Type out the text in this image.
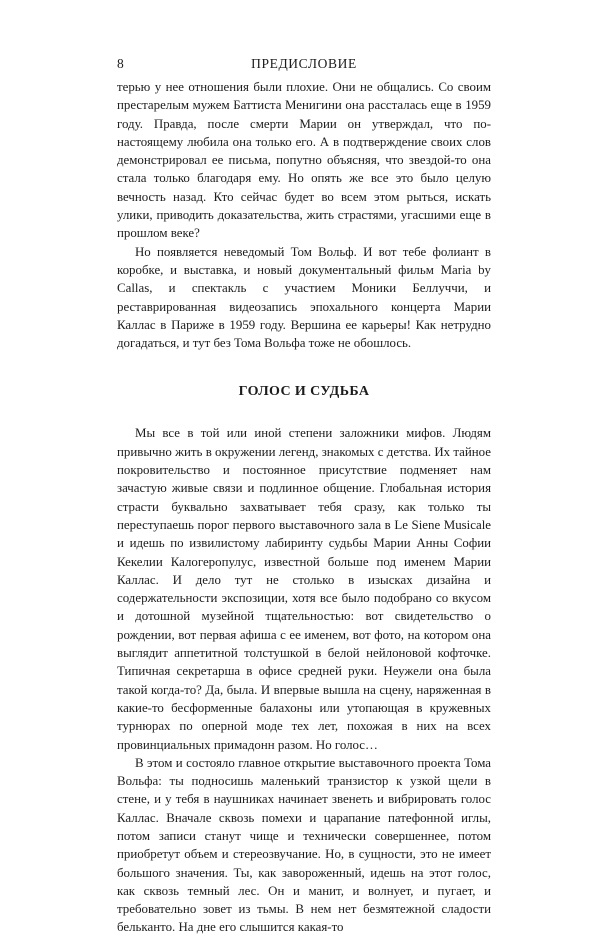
8	ПРЕДИСЛОВИЕ

терью у нее отношения были плохие. Они не общались. Со своим престарелым мужем Баттиста Менигини она рассталась еще в 1959 году. Правда, после смерти Марии он утверждал, что по-настоящему любила она только его. А в подтверждение своих слов демонстрировал ее письма, попутно объясняя, что звездой-то она стала только благодаря ему. Но опять же все это было целую вечность назад. Кто сейчас будет во всем этом рыться, искать улики, приводить доказательства, жить страстями, угасшими еще в прошлом веке?

Но появляется неведомый Том Вольф. И вот тебе фолиант в коробке, и выставка, и новый документальный фильм Maria by Callas, и спектакль с участием Моники Беллуччи, и реставрированная видеозапись эпохального концерта Марии Каллас в Париже в 1959 году. Вершина ее карьеры! Как нетрудно догадаться, и тут без Тома Вольфа тоже не обошлось.

ГОЛОС И СУДЬБА

Мы все в той или иной степени заложники мифов. Людям привычно жить в окружении легенд, знакомых с детства. Их тайное покровительство и постоянное присутствие подменяет нам зачастую живые связи и подлинное общение. Глобальная история страсти буквально захватывает тебя сразу, как только ты переступаешь порог первого выставочного зала в Le Siene Musicale и идешь по извилистому лабиринту судьбы Марии Анны Софии Кекелии Калогеропулус, известной больше под именем Марии Каллас. И дело тут не столько в изысках дизайна и содержательности экспозиции, хотя все было подобрано со вкусом и дотошной музейной тщательностью: вот свидетельство о рождении, вот первая афиша с ее именем, вот фото, на котором она выглядит аппетитной толстушкой в белой нейлоновой кофточке. Типичная секретарша в офисе средней руки. Неужели она была такой когда-то? Да, была. И впервые вышла на сцену, наряженная в какие-то бесформенные балахоны или утопающая в кружевных турнюрах по оперной моде тех лет, похожая в них на всех провинциальных примадонн разом. Но голос…

В этом и состояло главное открытие выставочного проекта Тома Вольфа: ты подносишь маленький транзистор к узкой щели в стене, и у тебя в наушниках начинает звенеть и вибрировать голос Каллас. Вначале сквозь помехи и царапание патефонной иглы, потом записи станут чище и технически совершеннее, потом приобретут объем и стереозвучание. Но, в сущности, это не имеет большого значения. Ты, как завороженный, идешь на этот голос, как сквозь темный лес. Он и манит, и волнует, и пугает, и требовательно зовет из тьмы. В нем нет безмятежной сладости бельканто. На дне его слышится какая-то
